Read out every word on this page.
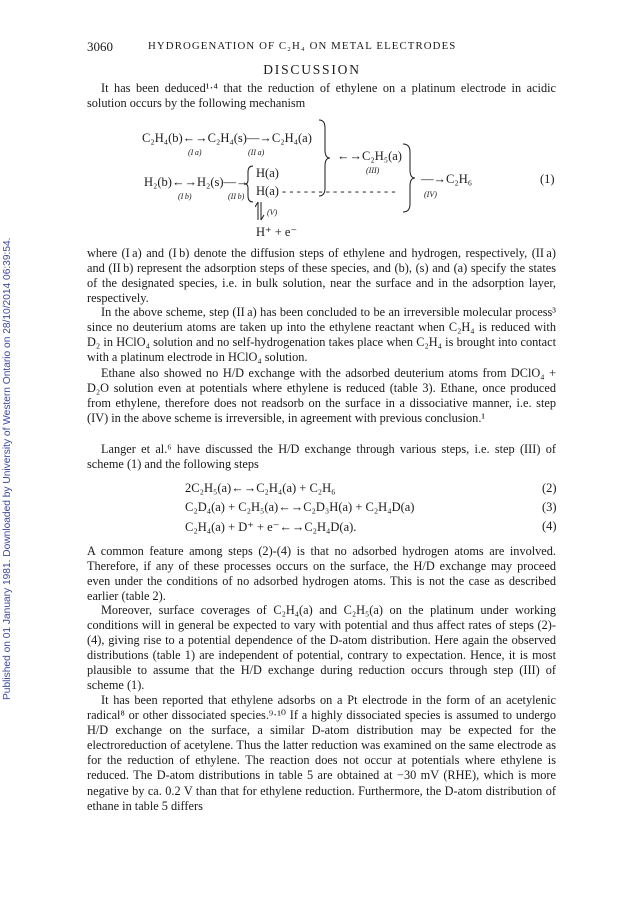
Published on 01 January 1981. Downloaded by University of Western Ontario on 28/10/2014 06:39:54.
3060	HYDROGENATION OF C₂H₄ ON METAL ELECTRODES
DISCUSSION

It has been deduced¹·⁴ that the reduction of ethylene on a platinum electrode in acidic solution occurs by the following mechanism

C₂H₄(b)←→C₂H₄(s)—→C₂H₄(a)
(I a)	(II a)	←→C₂H₅(a)
(III)
H₂(b)←→H₂(s)—→
(I b)	(II b)
H(a)
H(a) - - - - - - - - - - - - - - - -
—→C₂H₆
(IV)
(V)
H⁺ + e⁻
(1)

where (I a) and (I b) denote the diffusion steps of ethylene and hydrogen, respectively, (II a) and (II b) represent the adsorption steps of these species, and (b), (s) and (a) specify the states of the designated species, i.e. in bulk solution, near the surface and in the adsorption layer, respectively.

In the above scheme, step (II a) has been concluded to be an irreversible molecular process³ since no deuterium atoms are taken up into the ethylene reactant when C₂H₄ is reduced with D₂ in HClO₄ solution and no self-hydrogenation takes place when C₂H₄ is brought into contact with a platinum electrode in HClO₄ solution.

Ethane also showed no H/D exchange with the adsorbed deuterium atoms from DClO₄ + D₂O solution even at potentials where ethylene is reduced (table 3). Ethane, once produced from ethylene, therefore does not readsorb on the surface in a dissociative manner, i.e. step (IV) in the above scheme is irreversible, in agreement with previous conclusion.¹

Langer et al.⁶ have discussed the H/D exchange through various steps, i.e. step (III) of scheme (1) and the following steps

2C₂H₅(a)←→C₂H₄(a) + C₂H₆	(2)
C₂D₄(a) + C₂H₅(a)←→C₂D₃H(a) + C₂H₄D(a)	(3)
C₂H₄(a) + D⁺ + e⁻←→C₂H₄D(a).	(4)

A common feature among steps (2)-(4) is that no adsorbed hydrogen atoms are involved. Therefore, if any of these processes occurs on the surface, the H/D exchange may proceed even under the conditions of no adsorbed hydrogen atoms. This is not the case as described earlier (table 2).

Moreover, surface coverages of C₂H₄(a) and C₂H₅(a) on the platinum under working conditions will in general be expected to vary with potential and thus affect rates of steps (2)-(4), giving rise to a potential dependence of the D-atom distribution. Here again the observed distributions (table 1) are independent of potential, contrary to expectation. Hence, it is most plausible to assume that the H/D exchange during reduction occurs through step (III) of scheme (1).

It has been reported that ethylene adsorbs on a Pt electrode in the form of an acetylenic radical⁸ or other dissociated species.⁹·¹⁰ If a highly dissociated species is assumed to undergo H/D exchange on the surface, a similar D-atom distribution may be expected for the electroreduction of acetylene. Thus the latter reduction was examined on the same electrode as for the reduction of ethylene. The reaction does not occur at potentials where ethylene is reduced. The D-atom distributions in table 5 are obtained at −30 mV (RHE), which is more negative by ca. 0.2 V than that for ethylene reduction. Furthermore, the D-atom distribution of ethane in table 5 differs
